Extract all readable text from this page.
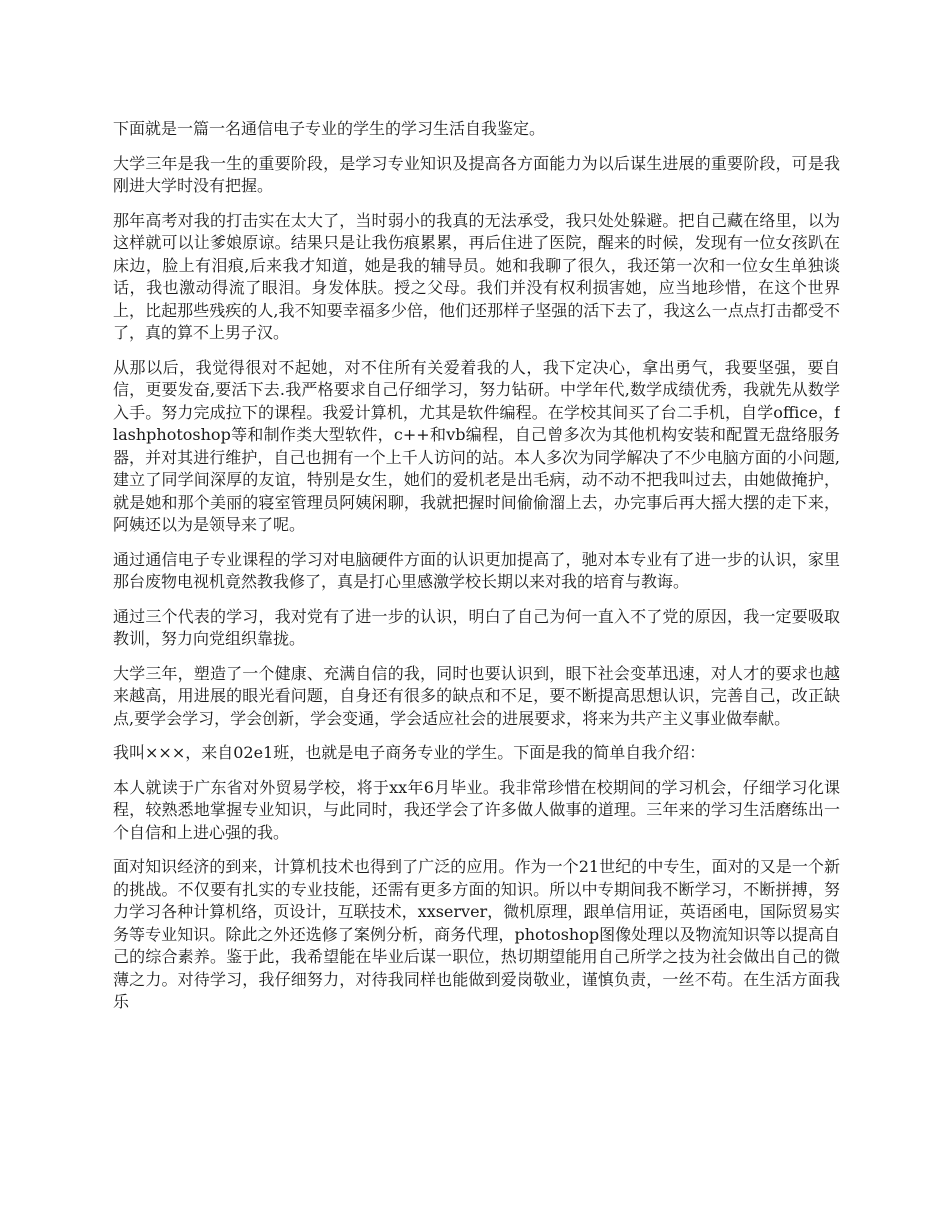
下面就是一篇一名通信电子专业的学生的学习生活自我鉴定。

大学三年是我一生的重要阶段，是学习专业知识及提高各方面能力为以后谋生进展的重要阶段，可是我刚进大学时没有把握。

那年高考对我的打击实在太大了，当时弱小的我真的无法承受，我只处处躲避。把自己藏在络里，以为这样就可以让爹娘原谅。结果只是让我伤痕累累，再后住进了医院，醒来的时候，发现有一位女孩趴在床边，脸上有泪痕,后来我才知道，她是我的辅导员。她和我聊了很久，我还第一次和一位女生单独谈话，我也激动得流了眼泪。身发体肤。授之父母。我们并没有权利损害她，应当地珍惜，在这个世界上，比起那些残疾的人,我不知要幸福多少倍，他们还那样子坚强的活下去了，我这么一点点打击都受不了，真的算不上男子汉。

从那以后，我觉得很对不起她，对不住所有关爱着我的人，我下定决心，拿出勇气，我要坚强，要自信，更要发奋,要活下去.我严格要求自己仔细学习，努力钻研。中学年代,数学成绩优秀，我就先从数学入手。努力完成拉下的课程。我爱计算机，尤其是软件编程。在学校其间买了台二手机，自学office，flashphotoshop等和制作类大型软件，c++和vb编程，自己曾多次为其他机构安装和配置无盘络服务器，并对其进行维护，自己也拥有一个上千人访问的站。本人多次为同学解决了不少电脑方面的小问题,建立了同学间深厚的友谊，特别是女生，她们的爱机老是出毛病，动不动不把我叫过去，由她做掩护，就是她和那个美丽的寝室管理员阿姨闲聊，我就把握时间偷偷溜上去，办完事后再大摇大摆的走下来，阿姨还以为是领导来了呢。

通过通信电子专业课程的学习对电脑硬件方面的认识更加提高了，驰对本专业有了进一步的认识，家里那台废物电视机竟然教我修了，真是打心里感激学校长期以来对我的培育与教诲。

通过三个代表的学习，我对党有了进一步的认识，明白了自己为何一直入不了党的原因，我一定要吸取教训，努力向党组织靠拢。

大学三年，塑造了一个健康、充满自信的我，同时也要认识到，眼下社会变革迅速，对人才的要求也越来越高，用进展的眼光看问题，自身还有很多的缺点和不足，要不断提高思想认识，完善自己，改正缺点,要学会学习，学会创新，学会变通，学会适应社会的进展要求，将来为共产主义事业做奉献。

我叫×××，来自02e1班，也就是电子商务专业的学生。下面是我的简单自我介绍：

本人就读于广东省对外贸易学校，将于xx年6月毕业。我非常珍惜在校期间的学习机会，仔细学习化课程，较熟悉地掌握专业知识，与此同时，我还学会了许多做人做事的道理。三年来的学习生活磨练出一个自信和上进心强的我。

面对知识经济的到来，计算机技术也得到了广泛的应用。作为一个21世纪的中专生，面对的又是一个新的挑战。不仅要有扎实的专业技能，还需有更多方面的知识。所以中专期间我不断学习，不断拼搏，努力学习各种计算机络，页设计，互联技术，xxserver，微机原理，跟单信用证，英语函电，国际贸易实务等专业知识。除此之外还选修了案例分析，商务代理，photoshop图像处理以及物流知识等以提高自己的综合素养。鉴于此，我希望能在毕业后谋一职位，热切期望能用自己所学之技为社会做出自己的微薄之力。对待学习，我仔细努力，对待我同样也能做到爱岗敬业，谨慎负责，一丝不苟。在生活方面我乐
